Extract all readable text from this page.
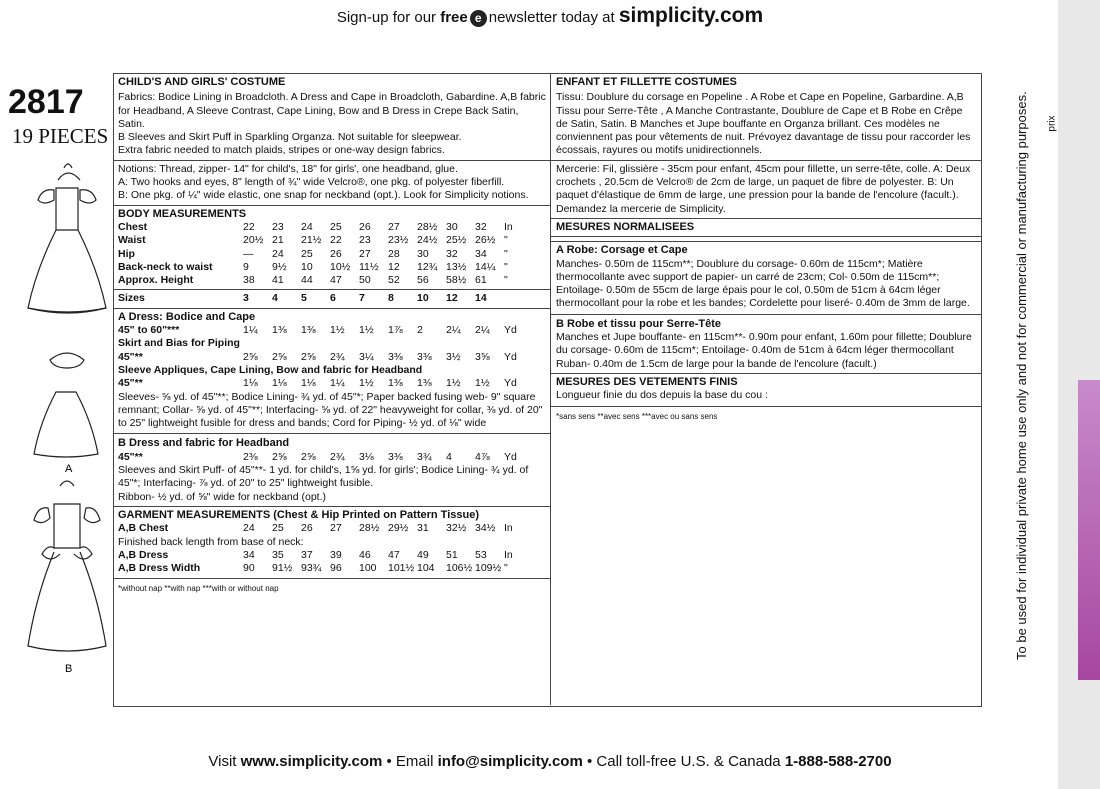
Sign-up for our free e newsletter today at simplicity.com
2817
19 PIECES
A
B
CHILD'S AND GIRLS' COSTUME
Fabrics: Bodice Lining in Broadcloth. A Dress and Cape in Broadcloth, Gabardine. A,B fabric for Headband, A Sleeve Contrast, Cape Lining, Bow and B Dress in Crepe Back Satin, Satin.
B Sleeves and Skirt Puff in Sparkling Organza. Not suitable for sleepwear.
Extra fabric needed to match plaids, stripes or one-way design fabrics.
Notions: Thread, zipper- 14" for child's, 18" for girls', one headband, glue.
A: Two hooks and eyes, 8" length of ¾" wide Velcro®, one pkg. of polyester fiberfill.
B: One pkg. of ¼" wide elastic, one snap for neckband (opt.). Look for Simplicity notions.
BODY MEASUREMENTS
Chest	22	23	24	25	26	27	28½	30	32	In
Waist	20½	21	21½	22	23	23½	24½	25½	26½	"
Hip	—	24	25	26	27	28	30	32	34	"
Back-neck to waist	9	9½	10	10½	11½	12	12¾	13½	14¼	"
Approx. Height	38	41	44	47	50	52	56	58½	61	"
Sizes	3	4	5	6	7	8	10	12	14
A Dress: Bodice and Cape
45" to 60"***	1¼	1⅜	1⅜	1½	1½	1⅞	2	2¼	2¼	Yd
Skirt and Bias for Piping										
45"**	2⅝	2⅝	2⅝	2¾	3¼	3⅜	3⅜	3½	3⅝	Yd
Sleeve Appliques, Cape Lining, Bow and fabric for Headband										
45"**	1⅛	1⅛	1⅛	1¼	1½	1⅜	1⅜	1½	1½	Yd
Sleeves- ⅝ yd. of 45"**; Bodice Lining- ¾ yd. of 45"*; Paper backed fusing web- 9" square remnant; Collar- ⅝ yd. of 45"**; Interfacing- ⅝ yd. of 22" heavyweight for collar, ⅜ yd. of 20" to 25" lightweight fusible for dress and bands; Cord for Piping- ½ yd. of ⅛" wide
B Dress and fabric for Headband
45"**	2⅜	2⅝	2⅝	2¾	3⅛	3⅜	3¾	4	4⅞	Yd
Sleeves and Skirt Puff- of 45"**- 1 yd. for child's, 1⅝ yd. for girls'; Bodice Lining- ¾ yd. of 45"*; Interfacing- ⅞ yd. of 20" to 25" lightweight fusible.
Ribbon- ½ yd. of ⅝" wide for neckband (opt.)
GARMENT MEASUREMENTS (Chest & Hip Printed on Pattern Tissue)
A,B Chest	24	25	26	27	28½	29½	31	32½	34½	In
Finished back length from base of neck:
A,B Dress	34	35	37	39	46	47	49	51	53	In
A,B Dress Width	90	91½	93¾	96	100	101½	104	106½	109½	"
*without nap **with nap ***with or without nap
ENFANT ET FILLETTE COSTUMES
Tissu: Doublure du corsage en Popeline . A Robe et Cape en Popeline, Garbardine. A,B Tissu pour Serre-Tête , A Manche Contrastante, Doublure de Cape et B Robe en Crêpe de Satin, Satin. B Manches et Jupe bouffante en Organza brillant. Ces modèles ne conviennent pas pour vêtements de nuit. Prévoyez davantage de tissu pour raccorder les écossais, rayures ou motifs unidirectionnels.
Mercerie: Fil, glissière - 35cm pour enfant, 45cm pour fillette, un serre-tête, colle. A: Deux crochets , 20.5cm de Velcro® de 2cm de large, un paquet de fibre de polyester. B: Un paquet d'élastique de 6mm de large, une pression pour la bande de l'encolure (facult.). Demandez la mercerie de Simplicity.
MESURES NORMALISEES
A Robe: Corsage et Cape
Manches- 0.50m de 115cm**; Doublure du corsage- 0.60m de 115cm*; Matière thermocollante avec support de papier- un carré de 23cm; Col- 0.50m de 115cm**; Entoilage- 0.50m de 55cm de large épais pour le col, 0.50m de 51cm à 64cm léger thermocollant pour la robe et les bandes; Cordelette pour liseré- 0.40m de 3mm de large.
B Robe et tissu pour Serre-Tête
Manches et Jupe bouffante- en 115cm**- 0.90m pour enfant, 1.60m pour fillette; Doublure du corsage- 0.60m de 115cm*; Entoilage- 0.40m de 51cm à 64cm léger thermocollant
Ruban- 0.40m de 1.5cm de large pour la bande de l'encolure (facult.)
MESURES DES VETEMENTS FINIS
Longueur finie du dos depuis la base du cou :
*sans sens **avec sens ***avec ou sans sens	To be used for individual private home use only and not for commercial or manufacturing purposes. prix
Visit www.simplicity.com • Email info@simplicity.com • Call toll-free U.S. & Canada 1-888-588-2700
